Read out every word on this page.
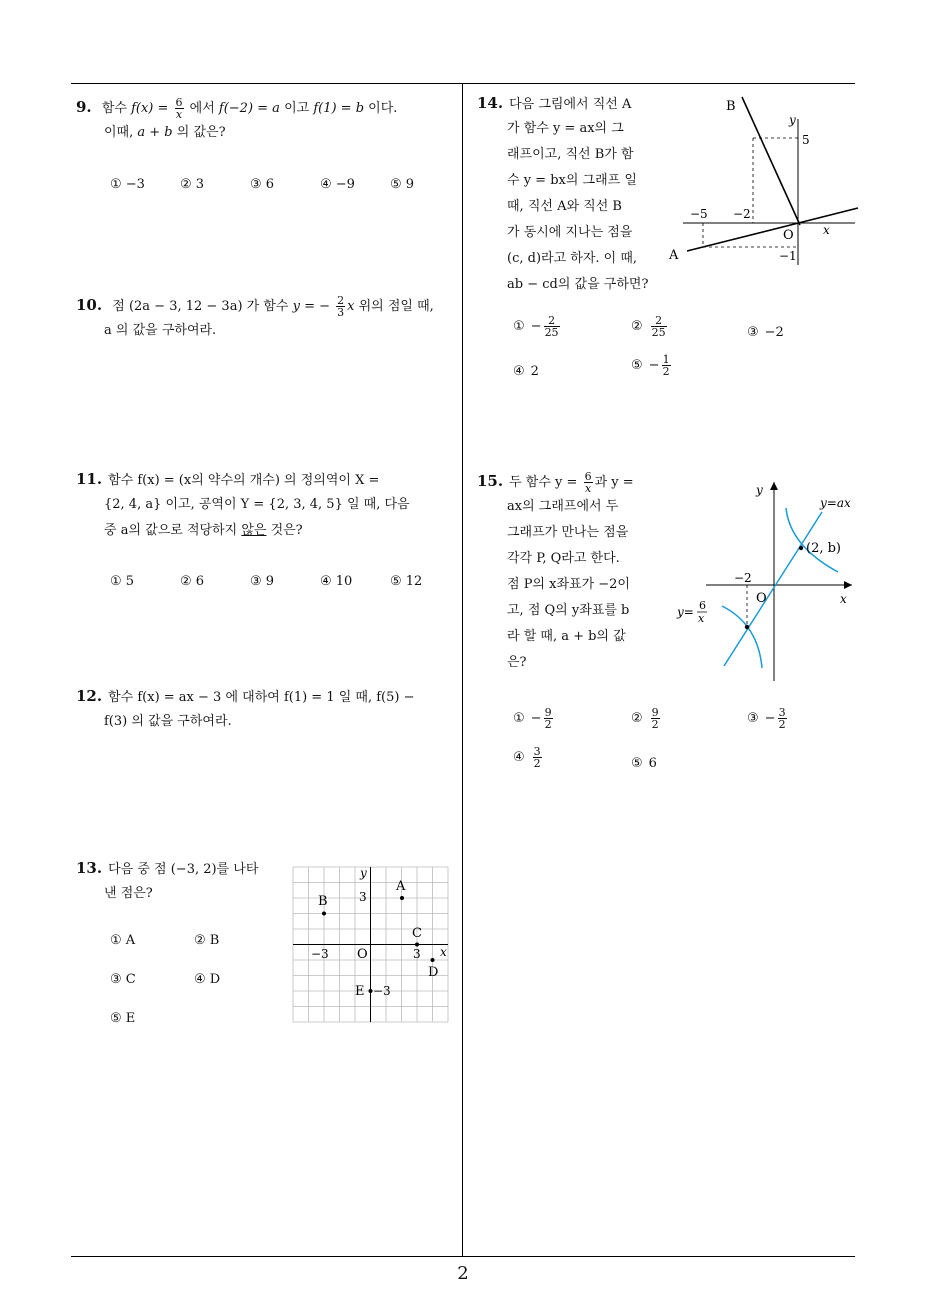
9. 함수 $f(x) = \frac{6}{x}$ 에서 f(−2) = a 이고 f(1) = b 이다.
이때, a + b 의 값은?
① −3	② 3	③ 6	④ −9	⑤ 9
10. 점 (2a − 3, 12 − 3a) 가 함수 y = − $\frac{2}{3}$ x 위의 점일 때,
a 의 값을 구하여라.
11. 함수 f(x) = (x의 약수의 개수) 의 정의역이 X =
{2, 4, a} 이고, 공역이 Y = {2, 3, 4, 5} 일 때, 다음
중 a의 값으로 적당하지 않은 것은?
① 5	② 6	③ 9	④ 10	⑤ 12
12. 함수 f(x) = ax − 3 에 대하여 f(1) = 1 일 때, f(5) −
f(3) 의 값을 구하여라.
13. 다음 중 점 (−3, 2)를 나타
낸 점은?
① A	② B
③ C	④ D
⑤ E
y
x
3
−3 O	3
−3
A
B
C
D
E
14. 다음 그림에서 직선 A
가 함수 y = ax의 그
래프이고, 직선 B가 함
수 y = bx의 그래프 일
때, 직선 A와 직선 B
가 동시에 지나는 점을
(c, d)라고 하자. 이 때,
ab − cd의 값을 구하면?
y
x
B
A
5
−5 −2
O
−1
① − $\frac{2}{25}$	② $\frac{2}{25}$	③ −2
④ 2	⑤ − $\frac{1}{2}$
15. 두 함수 $y = \frac{6}{x}$ 과 y =
ax의 그래프에서 두
그래프가 만나는 점을
각각 P, Q라고 한다.
점 P의 x좌표가 −2이
고, 점 Q의 y좌표를 b
라 할 때, a + b의 값
은?
y
x
y=ax
(2, b)
−2
O
y= 6
x
① − $\frac{9}{2}$	② $\frac{9}{2}$	③ − $\frac{3}{2}$
④ $\frac{3}{2}$	⑤ 6
2
